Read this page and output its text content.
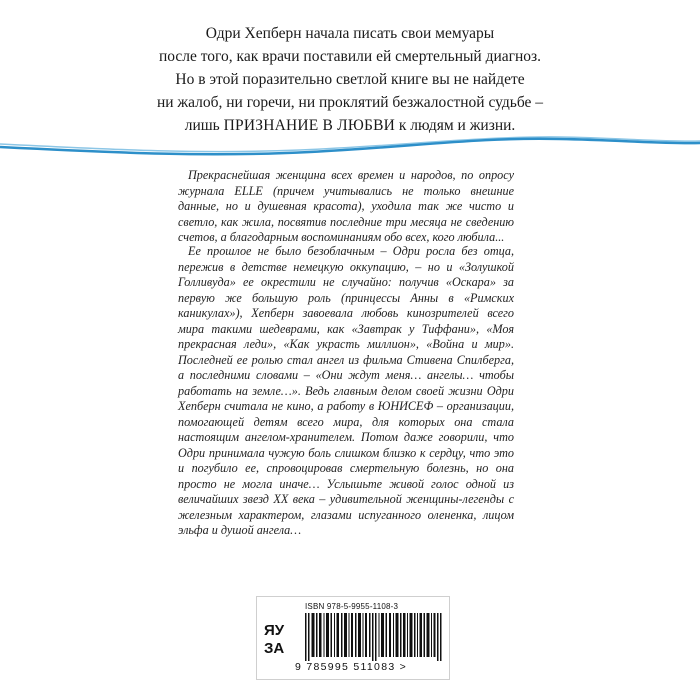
Одри Хепберн начала писать свои мемуары
после того, как врачи поставили ей смертельный диагноз.
Но в этой поразительно светлой книге вы не найдете
ни жалоб, ни горечи, ни проклятий безжалостной судьбе –
лишь ПРИЗНАНИЕ В ЛЮБВИ к людям и жизни.

Прекраснейшая женщина всех времен и народов, по опросу журнала ELLE (причем учитывались не только внешние данные, но и душевная красота), уходила так же чисто и светло, как жила, посвятив последние три месяца не сведению счетов, а благодарным воспоминаниям обо всех, кого любила...

Ее прошлое не было безоблачным – Одри росла без отца, пережив в детстве немецкую оккупацию, – но и «Золушкой Голливуда» ее окрестили не случайно: получив «Оскара» за первую же большую роль (принцессы Анны в «Римских каникулах»), Хепберн завоевала любовь кинозрителей всего мира такими шедеврами, как «Завтрак у Тиффани», «Моя прекрасная леди», «Как украсть миллион», «Война и мир». Последней ее ролью стал ангел из фильма Стивена Спилберга, а последними словами – «Они ждут меня… ангелы… чтобы работать на земле…». Ведь главным делом своей жизни Одри Хепберн считала не кино, а работу в ЮНИСЕФ – организации, помогающей детям всего мира, для которых она стала настоящим ангелом-хранителем. Потом даже говорили, что Одри принимала чужую боль слишком близко к сердцу, что это и погубило ее, спровоцировав смертельную болезнь, но она просто не могла иначе… Услышьте живой голос одной из величайших звезд XX века – удивительной женщины-легенды с железным характером, глазами испуганного олененка, лицом эльфа и душой ангела…

ISBN 978-5-9955-1108-3
ЯУ
ЗА
9 785995 511083 >
